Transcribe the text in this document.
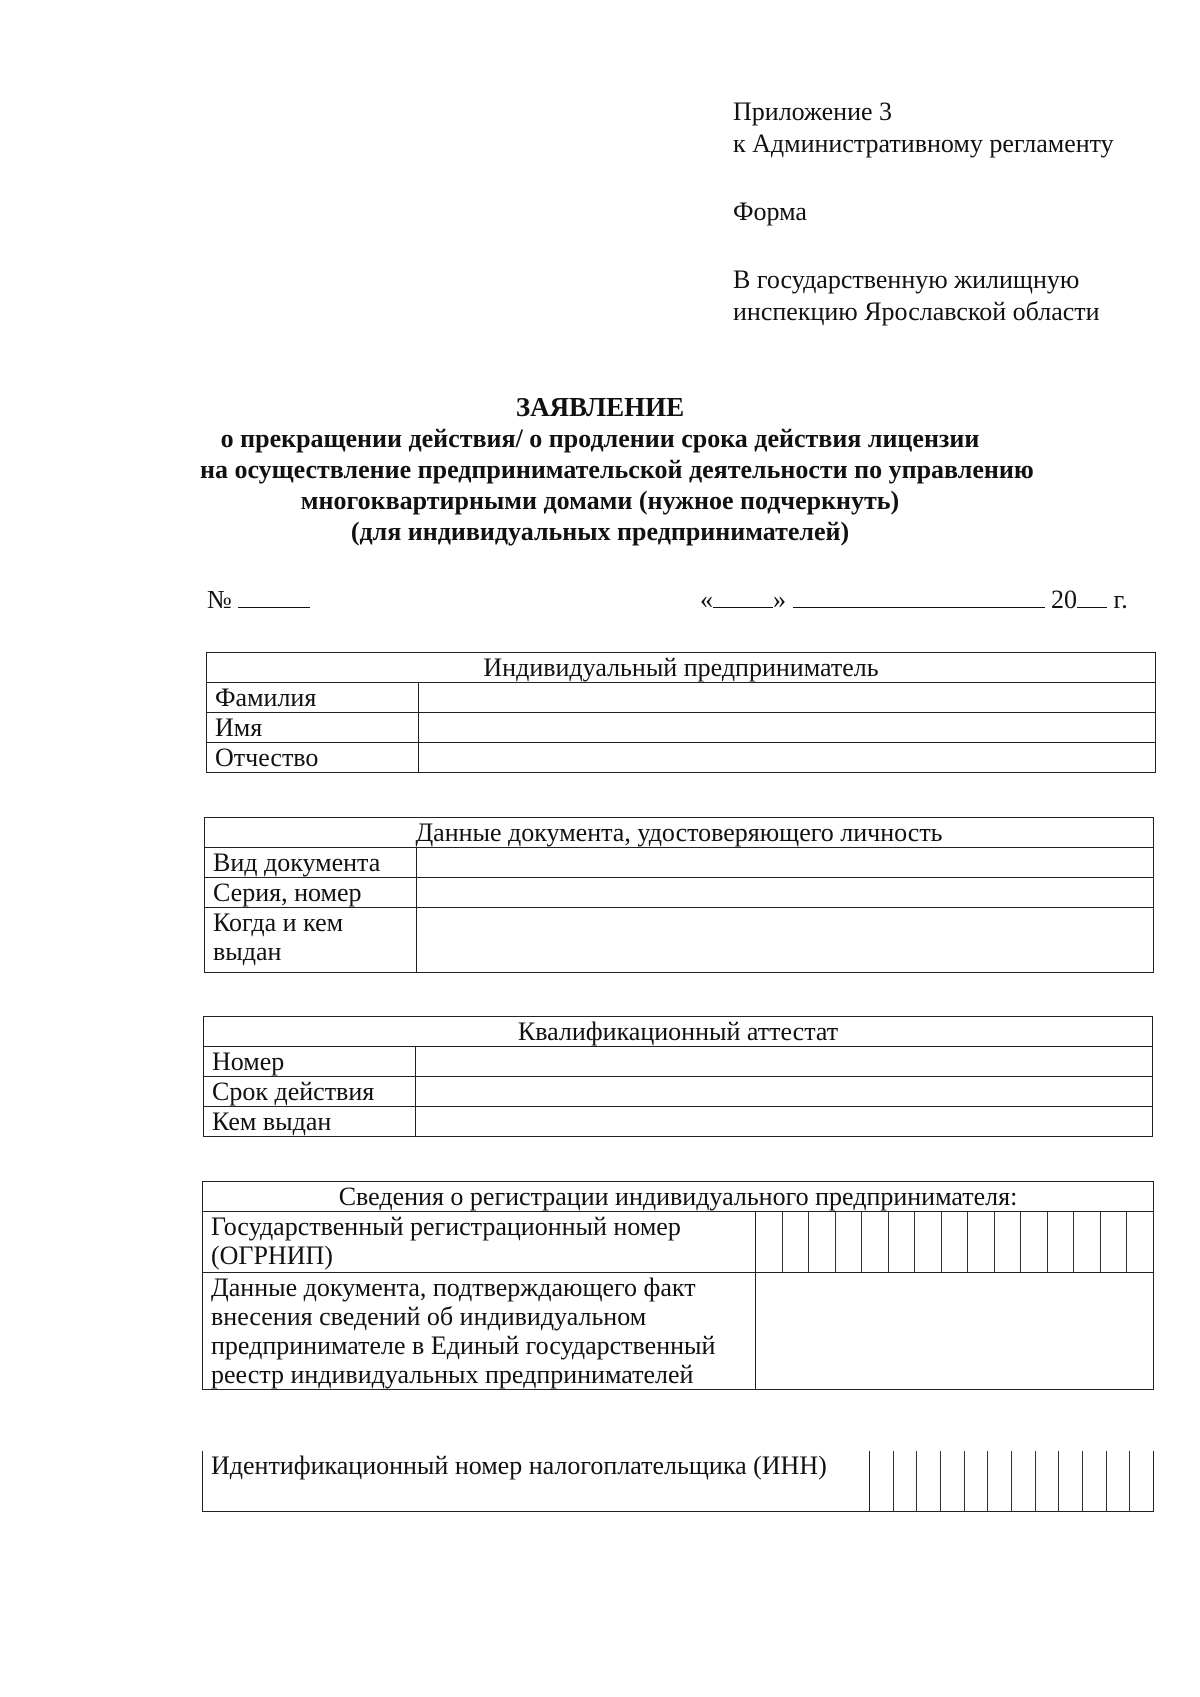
Приложение 3
к Административному регламенту
Форма
В государственную жилищную
инспекцию Ярославской области
ЗАЯВЛЕНИЕ
о прекращении действия/ о продлении срока действия лицензии
на осуществление предпринимательской деятельности по управлению
многоквартирными домами (нужное подчеркнуть)
(для индивидуальных предпринимателей)
№	« »	20 г.
Индивидуальный предприниматель	
Фамилия	
Имя	
Отчество	
Данные документа, удостоверяющего личность	
Вид документа	
Серия, номер	
Когда и кем выдан	
Квалификационный аттестат	
Номер	
Срок действия	
Кем выдан	
Сведения о регистрации индивидуального предпринимателя:	
Государственный регистрационный номер (ОГРНИП)	

Данные документа, подтверждающего факт внесения сведений об индивидуальном предпринимателе в Единый государственный реестр индивидуальных предпринимателей	
Идентификационный номер налогоплательщика (ИНН)	
